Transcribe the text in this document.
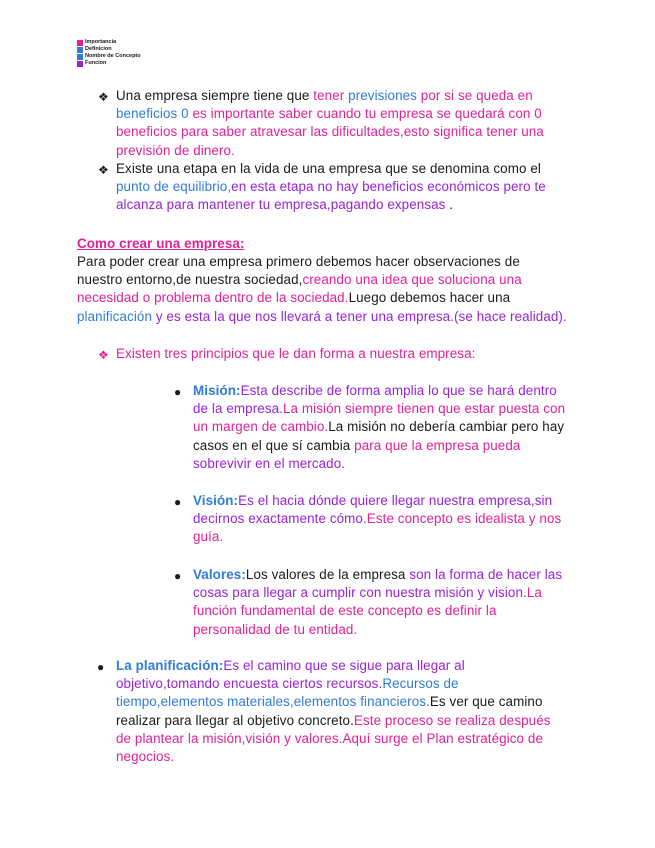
Importancia
Definicion
Nombre de Concepto
Funcion
❖ Una empresa siempre tiene que tener previsiones por si se queda en
beneficios 0 es importante saber cuando tu empresa se quedará con 0
beneficios para saber atravesar las dificultades,esto significa tener una
previsión de dinero.
❖ Existe una etapa en la vida de una empresa que se denomina como el
punto de equilibrio,en esta etapa no hay beneficios económicos pero te
alcanza para mantener tu empresa,pagando expensas .
Como crear una empresa:
Para poder crear una empresa primero debemos hacer observaciones de
nuestro entorno,de nuestra sociedad,creando una idea que soluciona una
necesidad o problema dentro de la sociedad.Luego debemos hacer una
planificación y es esta la que nos llevará a tener una empresa.(se hace realidad).
❖ Existen tres principios que le dan forma a nuestra empresa:
● Misión:Esta describe de forma amplia lo que se hará dentro
de la empresa.La misión siempre tienen que estar puesta con
un margen de cambio.La misión no debería cambiar pero hay
casos en el que sí cambia para que la empresa pueda
sobrevivir en el mercado.
● Visión:Es el hacia dónde quiere llegar nuestra empresa,sin
decirnos exactamente cómo.Este concepto es idealista y nos
guía.
● Valores:Los valores de la empresa son la forma de hacer las
cosas para llegar a cumplir con nuestra misión y vision.La
función fundamental de este concepto es definir la
personalidad de tu entidad.
● La planificación:Es el camino que se sigue para llegar al
objetivo,tomando encuesta ciertos recursos.Recursos de
tiempo,elementos materiales,elementos financieros.Es ver que camino
realizar para llegar al objetivo concreto.Este proceso se realiza después
de plantear la misión,visión y valores.Aquí surge el Plan estratégico de
negocios.
